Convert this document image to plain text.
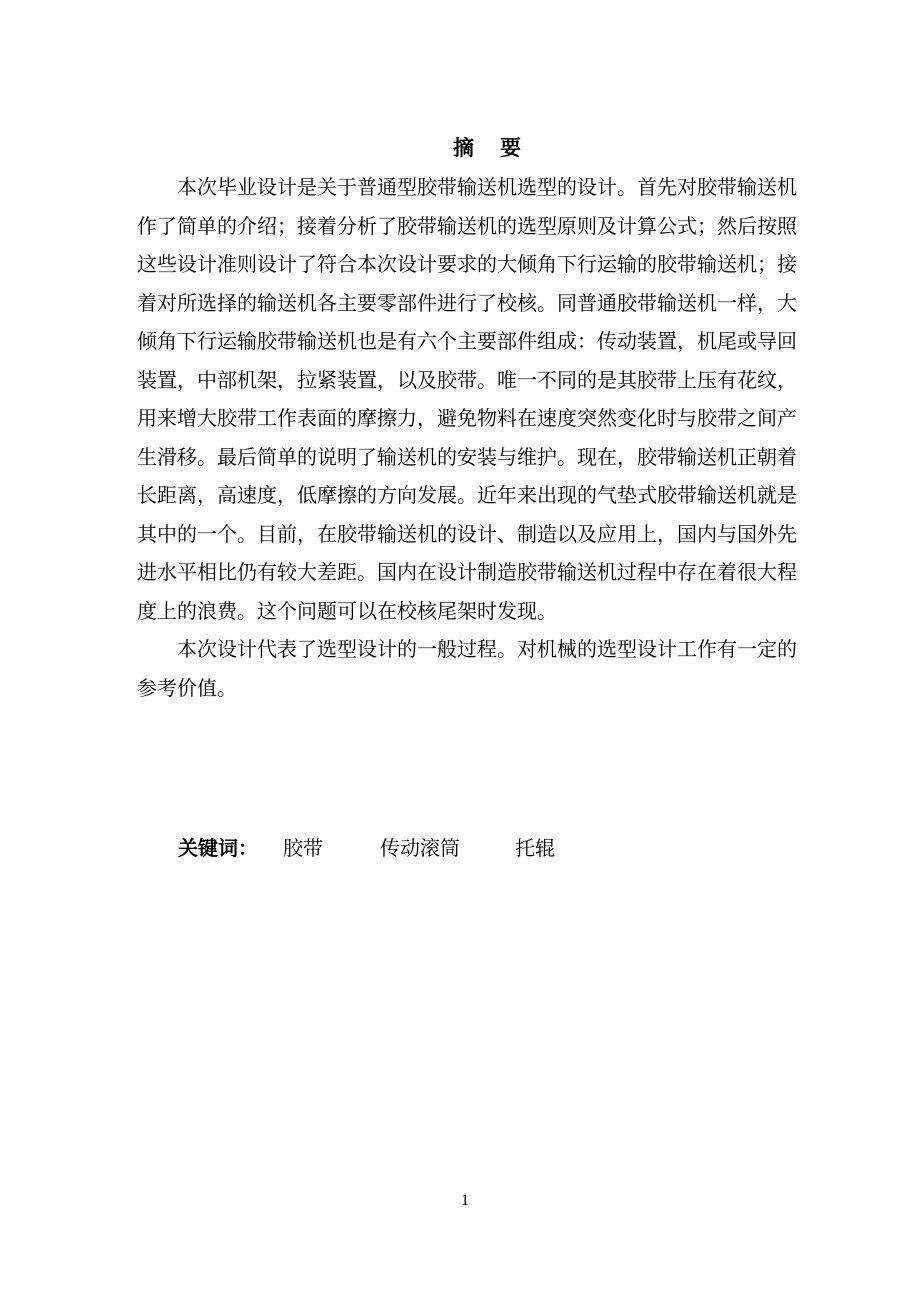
摘 要

本次毕业设计是关于普通型胶带输送机选型的设计。首先对胶带输送机作了简单的介绍；接着分析了胶带输送机的选型原则及计算公式；然后按照这些设计准则设计了符合本次设计要求的大倾角下行运输的胶带输送机；接着对所选择的输送机各主要零部件进行了校核。同普通胶带输送机一样，大倾角下行运输胶带输送机也是有六个主要部件组成：传动装置，机尾或导回装置，中部机架，拉紧装置，以及胶带。唯一不同的是其胶带上压有花纹，用来增大胶带工作表面的摩擦力，避免物料在速度突然变化时与胶带之间产生滑移。最后简单的说明了输送机的安装与维护。现在，胶带输送机正朝着长距离，高速度，低摩擦的方向发展。近年来出现的气垫式胶带输送机就是其中的一个。目前，在胶带输送机的设计、制造以及应用上，国内与国外先进水平相比仍有较大差距。国内在设计制造胶带输送机过程中存在着很大程度上的浪费。这个问题可以在校核尾架时发现。

本次设计代表了选型设计的一般过程。对机械的选型设计工作有一定的参考价值。

关键词： 胶带	传动滚筒	托辊
1
